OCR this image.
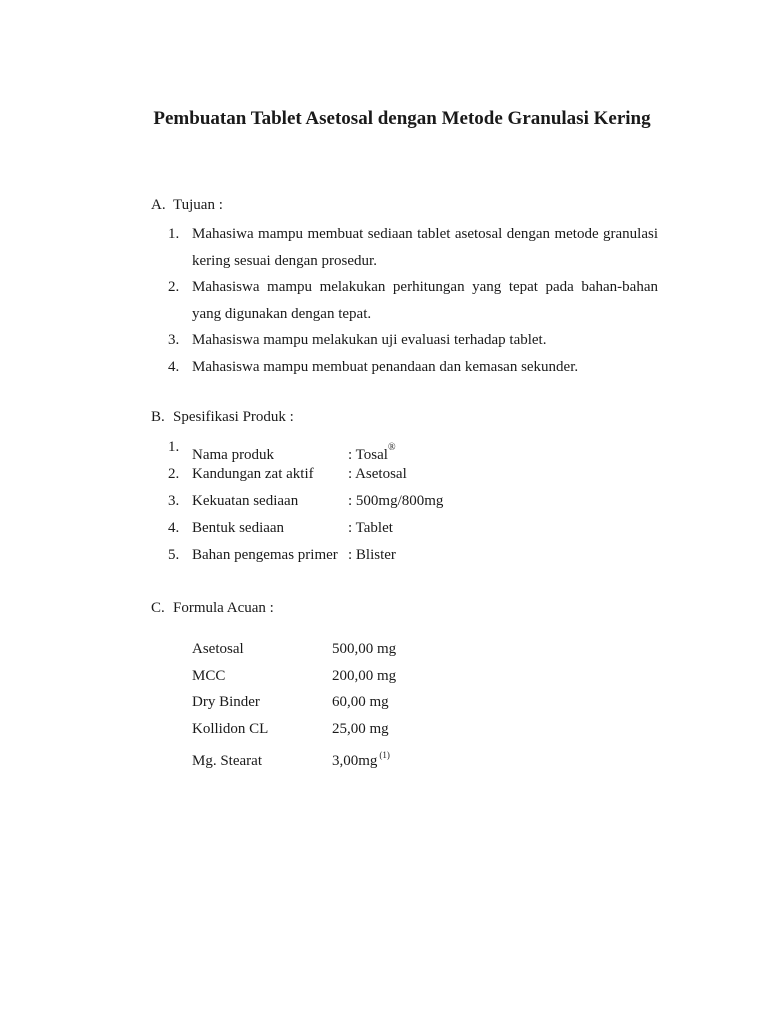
Pembuatan Tablet Asetosal dengan Metode Granulasi Kering
A. Tujuan :
1. Mahasiwa mampu membuat sediaan tablet asetosal dengan metode granulasi kering sesuai dengan prosedur.
2. Mahasiswa mampu melakukan perhitungan yang tepat pada bahan-bahan yang digunakan dengan tepat.
3. Mahasiswa mampu melakukan uji evaluasi terhadap tablet.
4. Mahasiswa mampu membuat penandaan dan kemasan sekunder.
B. Spesifikasi Produk :
1. Nama produk	: Tosal®
2. Kandungan zat aktif : Asetosal
3. Kekuatan sediaan	: 500mg/800mg
4. Bentuk sediaan	: Tablet
5. Bahan pengemas primer : Blister
C. Formula Acuan :
Asetosal	500,00 mg
MCC	200,00 mg
Dry Binder	60,00 mg
Kollidon CL	25,00 mg
Mg. Stearat	3,00mg $^{(1)}$
